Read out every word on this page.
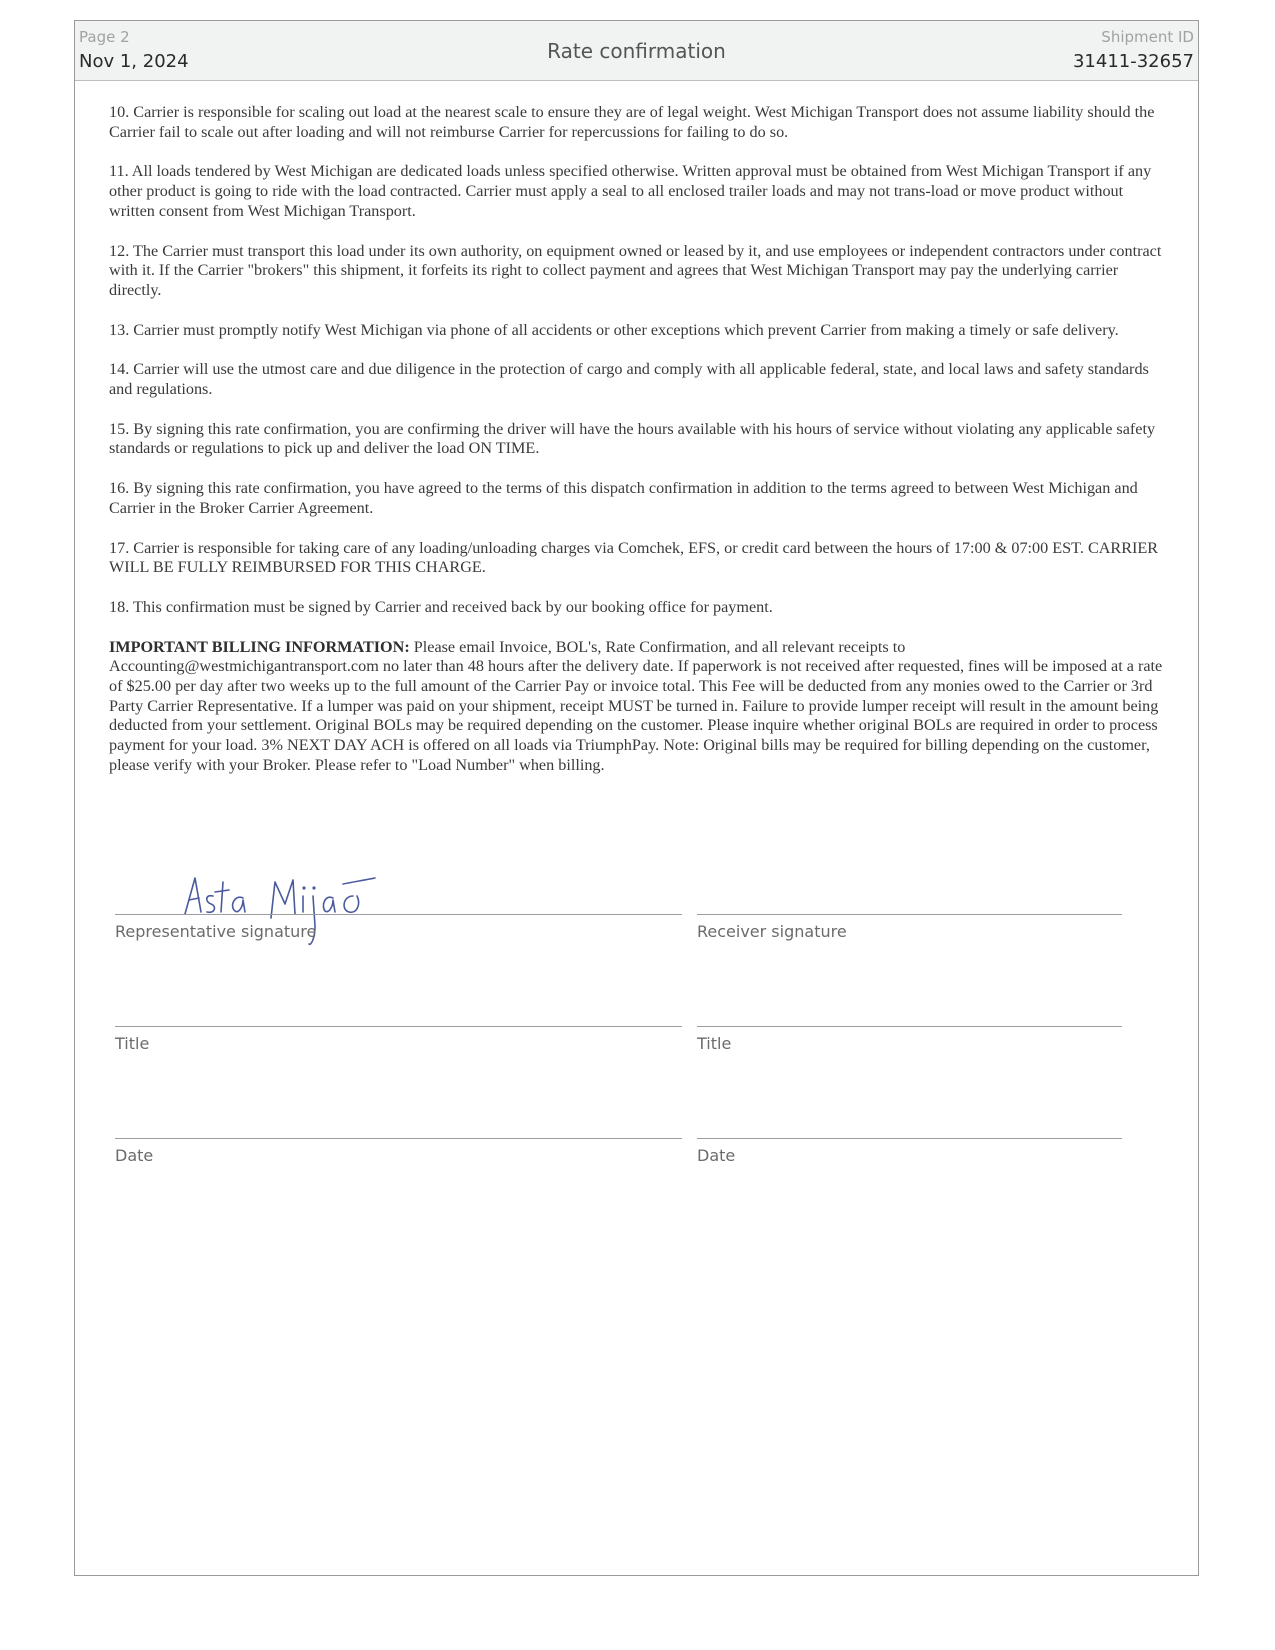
Page 2
Nov 1, 2024	Rate confirmation
Shipment ID
31411-32657

10. Carrier is responsible for scaling out load at the nearest scale to ensure they are of legal weight. West Michigan Transport does not assume liability should the Carrier fail to scale out after loading and will not reimburse Carrier for repercussions for failing to do so.

11. All loads tendered by West Michigan are dedicated loads unless specified otherwise. Written approval must be obtained from West Michigan Transport if any other product is going to ride with the load contracted. Carrier must apply a seal to all enclosed trailer loads and may not trans-load or move product without written consent from West Michigan Transport.

12. The Carrier must transport this load under its own authority, on equipment owned or leased by it, and use employees or independent contractors under contract with it. If the Carrier "brokers" this shipment, it forfeits its right to collect payment and agrees that West Michigan Transport may pay the underlying carrier directly.

13. Carrier must promptly notify West Michigan via phone of all accidents or other exceptions which prevent Carrier from making a timely or safe delivery.

14. Carrier will use the utmost care and due diligence in the protection of cargo and comply with all applicable federal, state, and local laws and safety standards and regulations.

15. By signing this rate confirmation, you are confirming the driver will have the hours available with his hours of service without violating any applicable safety standards or regulations to pick up and deliver the load ON TIME.

16. By signing this rate confirmation, you have agreed to the terms of this dispatch confirmation in addition to the terms agreed to between West Michigan and Carrier in the Broker Carrier Agreement.

17. Carrier is responsible for taking care of any loading/unloading charges via Comchek, EFS, or credit card between the hours of 17:00 & 07:00 EST. CARRIER WILL BE FULLY REIMBURSED FOR THIS CHARGE.

18. This confirmation must be signed by Carrier and received back by our booking office for payment.

IMPORTANT BILLING INFORMATION: Please email Invoice, BOL's, Rate Confirmation, and all relevant receipts to Accounting@westmichigantransport.com no later than 48 hours after the delivery date. If paperwork is not received after requested, fines will be imposed at a rate of $25.00 per day after two weeks up to the full amount of the Carrier Pay or invoice total. This Fee will be deducted from any monies owed to the Carrier or 3rd Party Carrier Representative. If a lumper was paid on your shipment, receipt MUST be turned in. Failure to provide lumper receipt will result in the amount being deducted from your settlement. Original BOLs may be required depending on the customer. Please inquire whether original BOLs are required in order to process payment for your load. 3% NEXT DAY ACH is offered on all loads via TriumphPay. Note: Original bills may be required for billing depending on the customer, please verify with your Broker. Please refer to "Load Number" when billing.

Representative signature	Receiver signature
Title	Title
Date	Date
